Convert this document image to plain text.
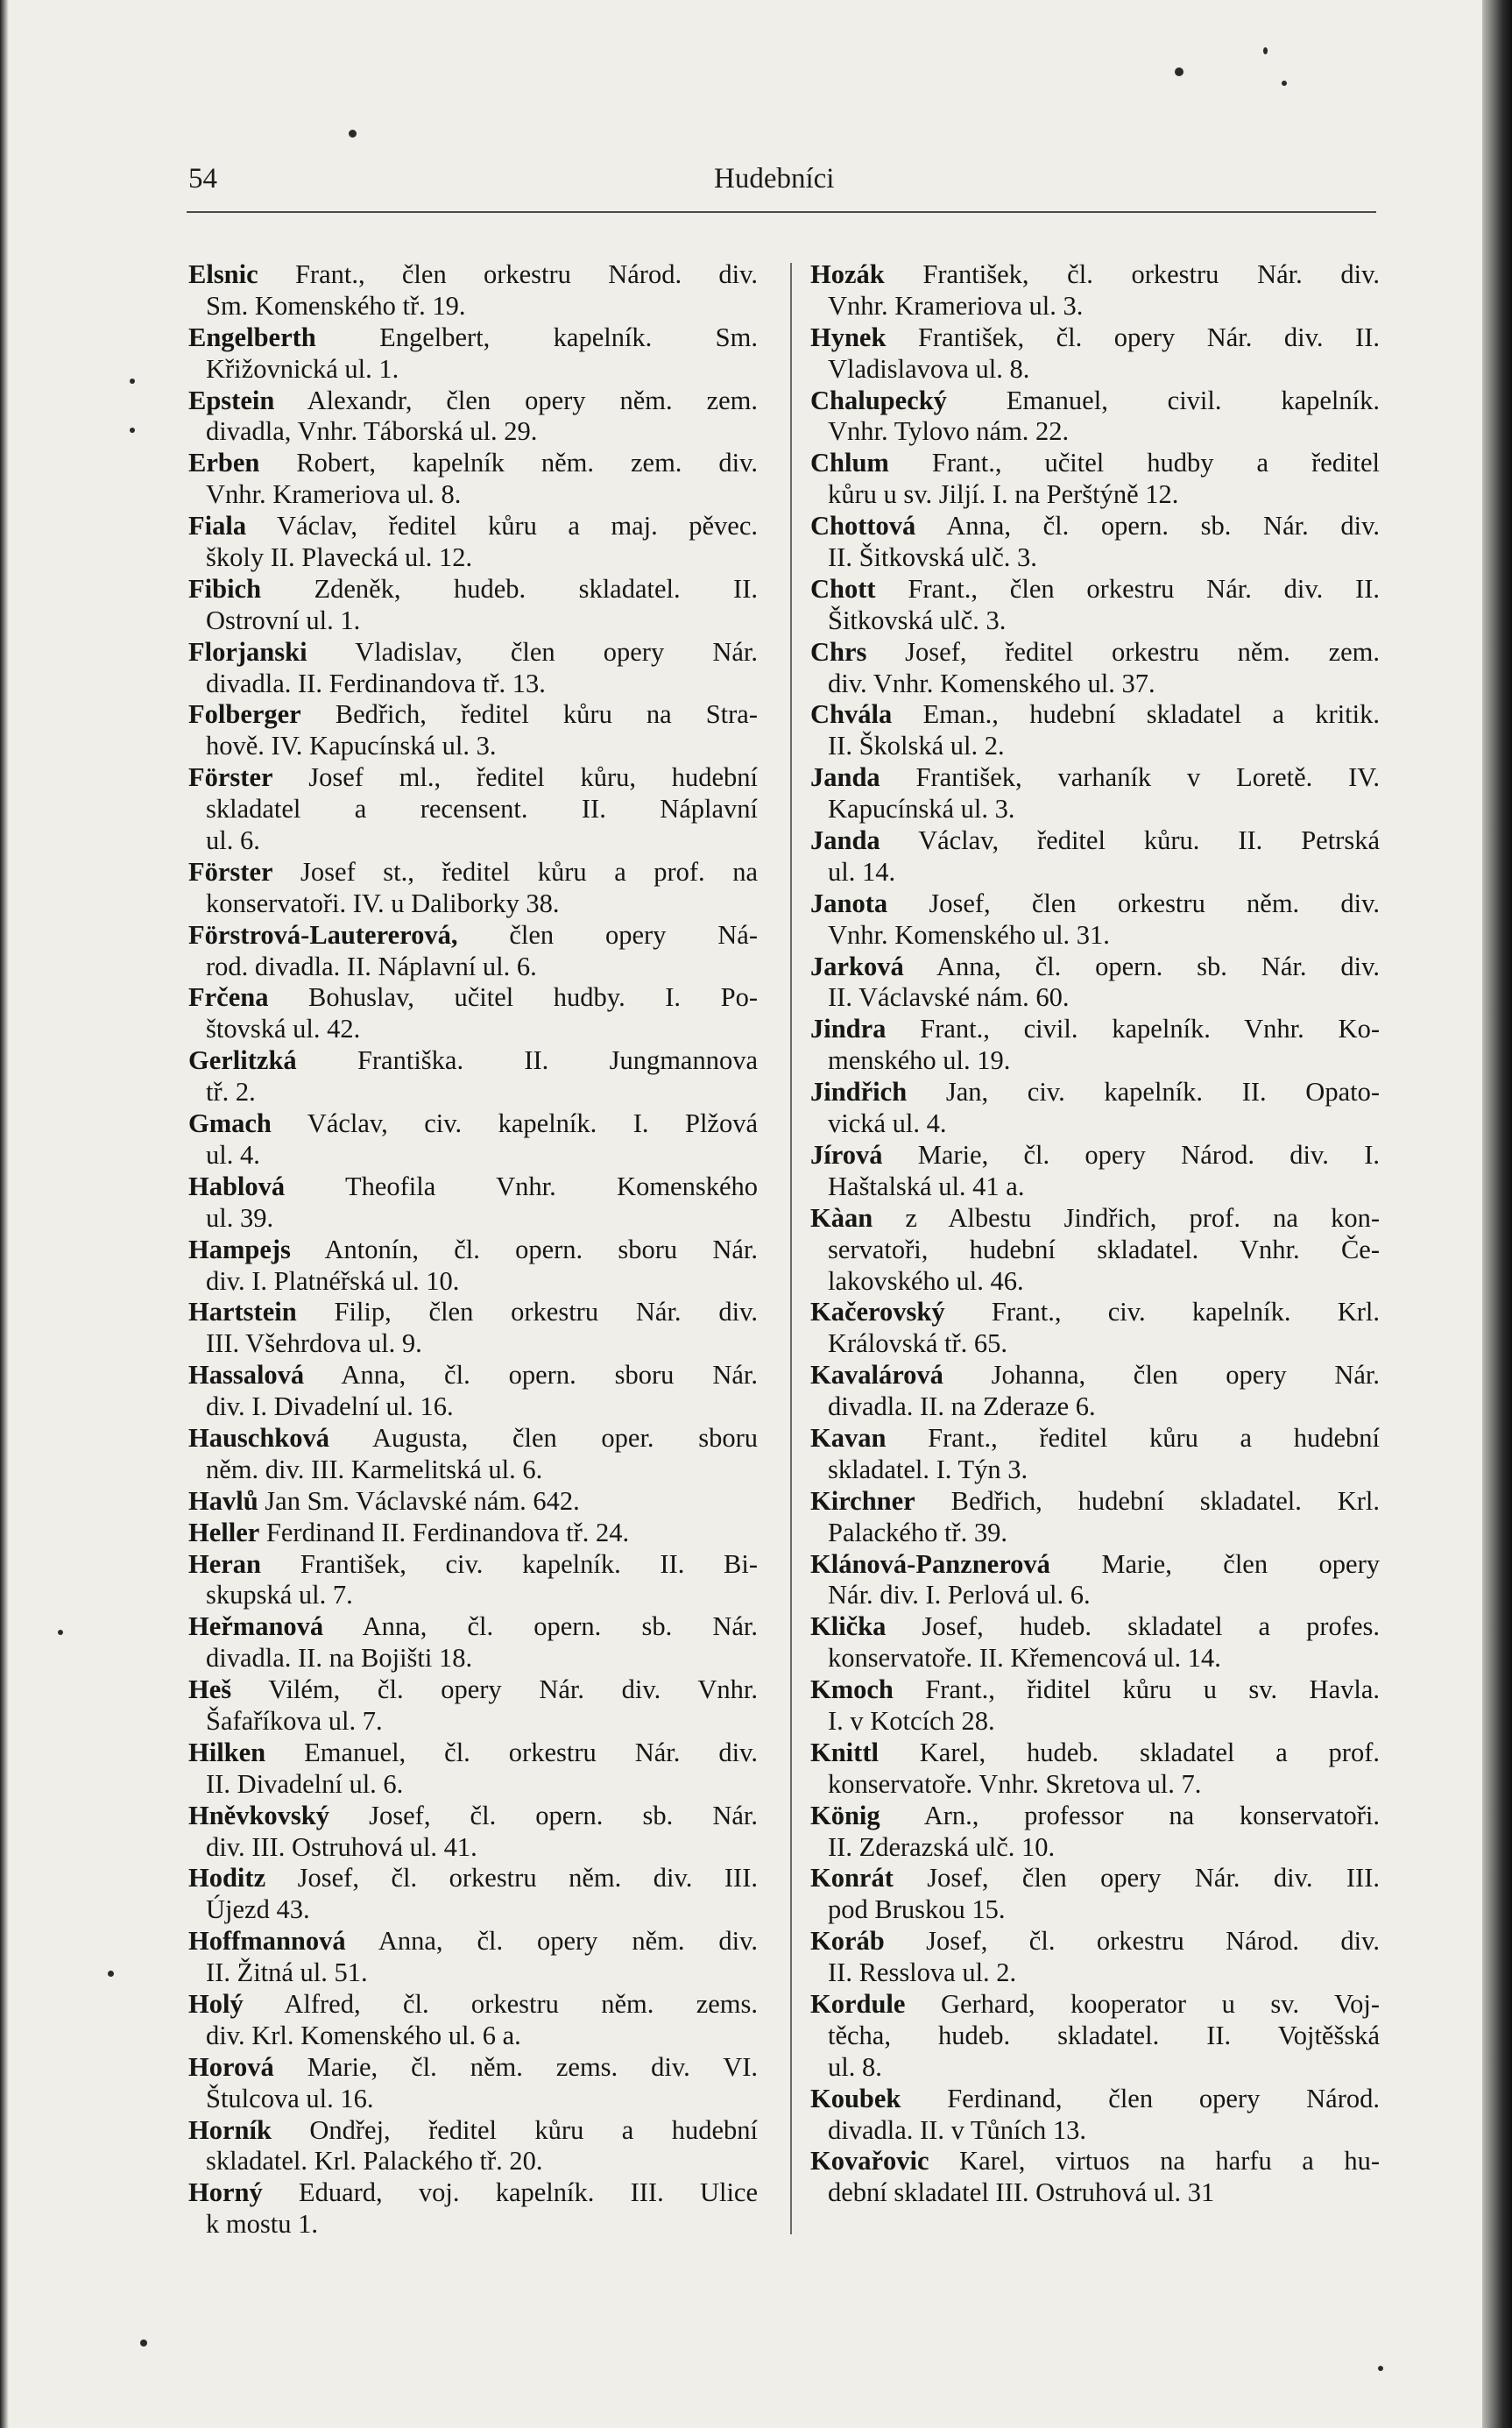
54	Hudebníci
Elsnic Frant., člen orkestru Národ. div.
Sm. Komenského tř. 19.
Engelberth Engelbert, kapelník. Sm.
Křižovnická ul. 1.
Epstein Alexandr, člen opery něm. zem.
divadla, Vnhr. Táborská ul. 29.
Erben Robert, kapelník něm. zem. div.
Vnhr. Krameriova ul. 8.
Fiala Václav, ředitel kůru a maj. pěvec.
školy II. Plavecká ul. 12.
Fibich Zdeněk, hudeb. skladatel. II.
Ostrovní ul. 1.
Florjanski Vladislav, člen opery Nár.
divadla. II. Ferdinandova tř. 13.
Folberger Bedřich, ředitel kůru na Stra-
hově. IV. Kapucínská ul. 3.
Förster Josef ml., ředitel kůru, hudební
skladatel a recensent. II. Náplavní
ul. 6.
Förster Josef st., ředitel kůru a prof. na
konservatoři. IV. u Daliborky 38.
Förstrová-Lautererová, člen opery Ná-
rod. divadla. II. Náplavní ul. 6.
Frčena Bohuslav, učitel hudby. I. Po-
štovská ul. 42.
Gerlitzká Františka. II. Jungmannova
tř. 2.
Gmach Václav, civ. kapelník. I. Plžová
ul. 4.
Hablová Theofila Vnhr. Komenského
ul. 39.
Hampejs Antonín, čl. opern. sboru Nár.
div. I. Platnéřská ul. 10.
Hartstein Filip, člen orkestru Nár. div.
III. Všehrdova ul. 9.
Hassalová Anna, čl. opern. sboru Nár.
div. I. Divadelní ul. 16.
Hauschková Augusta, člen oper. sboru
něm. div. III. Karmelitská ul. 6.
Havlů Jan Sm. Václavské nám. 642.
Heller Ferdinand II. Ferdinandova tř. 24.
Heran František, civ. kapelník. II. Bi-
skupská ul. 7.
Heřmanová Anna, čl. opern. sb. Nár.
divadla. II. na Bojišti 18.
Heš Vilém, čl. opery Nár. div. Vnhr.
Šafaříkova ul. 7.
Hilken Emanuel, čl. orkestru Nár. div.
II. Divadelní ul. 6.
Hněvkovský Josef, čl. opern. sb. Nár.
div. III. Ostruhová ul. 41.
Hoditz Josef, čl. orkestru něm. div. III.
Újezd 43.
Hoffmannová Anna, čl. opery něm. div.
II. Žitná ul. 51.
Holý Alfred, čl. orkestru něm. zems.
div. Krl. Komenského ul. 6 a.
Horová Marie, čl. něm. zems. div. VI.
Štulcova ul. 16.
Horník Ondřej, ředitel kůru a hudební
skladatel. Krl. Palackého tř. 20.
Horný Eduard, voj. kapelník. III. Ulice
k mostu 1.
Hozák František, čl. orkestru Nár. div.
Vnhr. Krameriova ul. 3.
Hynek František, čl. opery Nár. div. II.
Vladislavova ul. 8.
Chalupecký Emanuel, civil. kapelník.
Vnhr. Tylovo nám. 22.
Chlum Frant., učitel hudby a ředitel
kůru u sv. Jiljí. I. na Perštýně 12.
Chottová Anna, čl. opern. sb. Nár. div.
II. Šitkovská ulč. 3.
Chott Frant., člen orkestru Nár. div. II.
Šitkovská ulč. 3.
Chrs Josef, ředitel orkestru něm. zem.
div. Vnhr. Komenského ul. 37.
Chvála Eman., hudební skladatel a kritik.
II. Školská ul. 2.
Janda František, varhaník v Loretě. IV.
Kapucínská ul. 3.
Janda Václav, ředitel kůru. II. Petrská
ul. 14.
Janota Josef, člen orkestru něm. div.
Vnhr. Komenského ul. 31.
Jarková Anna, čl. opern. sb. Nár. div.
II. Václavské nám. 60.
Jindra Frant., civil. kapelník. Vnhr. Ko-
menského ul. 19.
Jindřich Jan, civ. kapelník. II. Opato-
vická ul. 4.
Jírová Marie, čl. opery Národ. div. I.
Haštalská ul. 41 a.
Kàan z Albestu Jindřich, prof. na kon-
servatoři, hudební skladatel. Vnhr. Če-
lakovského ul. 46.
Kačerovský Frant., civ. kapelník. Krl.
Královská tř. 65.
Kavalárová Johanna, člen opery Nár.
divadla. II. na Zderaze 6.
Kavan Frant., ředitel kůru a hudební
skladatel. I. Týn 3.
Kirchner Bedřich, hudební skladatel. Krl.
Palackého tř. 39.
Klánová-Panznerová Marie, člen opery
Nár. div. I. Perlová ul. 6.
Klička Josef, hudeb. skladatel a profes.
konservatoře. II. Křemencová ul. 14.
Kmoch Frant., řiditel kůru u sv. Havla.
I. v Kotcích 28.
Knittl Karel, hudeb. skladatel a prof.
konservatoře. Vnhr. Skretova ul. 7.
König Arn., professor na konservatoři.
II. Zderazská ulč. 10.
Konrát Josef, člen opery Nár. div. III.
pod Bruskou 15.
Koráb Josef, čl. orkestru Národ. div.
II. Resslova ul. 2.
Kordule Gerhard, kooperator u sv. Voj-
těcha, hudeb. skladatel. II. Vojtěšská
ul. 8.
Koubek Ferdinand, člen opery Národ.
divadla. II. v Tůních 13.
Kovařovic Karel, virtuos na harfu a hu-
dební skladatel III. Ostruhová ul. 31
